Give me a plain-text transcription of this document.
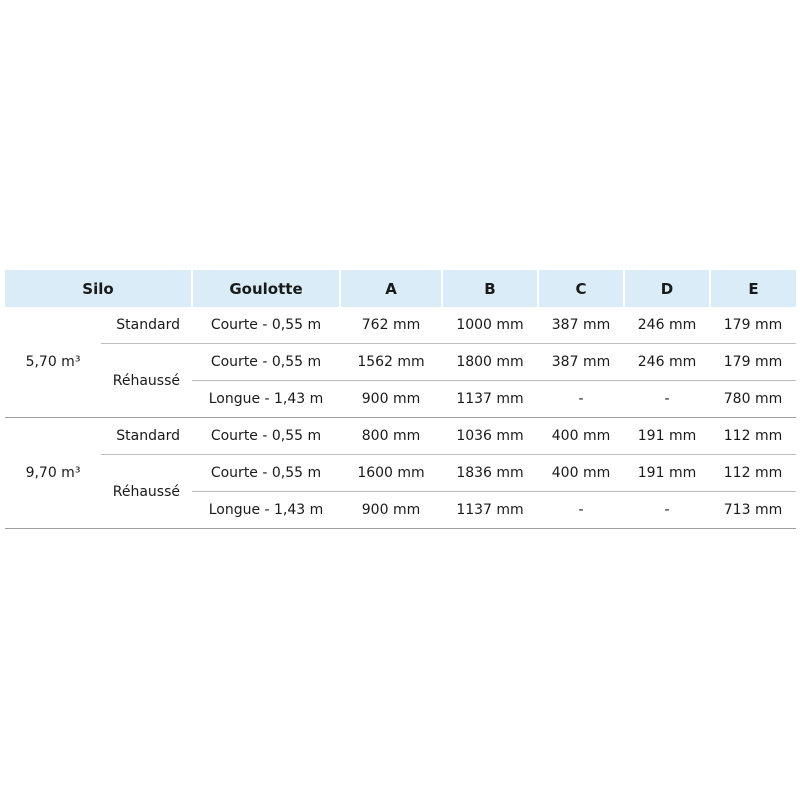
Silo		Goulotte	A	B	C	D	E
5,70 m³	Standard	Courte - 0,55 m	762 mm	1000 mm	387 mm	246 mm	179 mm
	Réhaussé	Courte - 0,55 m	1562 mm	1800 mm	387 mm	246 mm	179 mm
		Longue - 1,43 m	900 mm	1137 mm	-	-	780 mm
9,70 m³	Standard	Courte - 0,55 m	800 mm	1036 mm	400 mm	191 mm	112 mm
	Réhaussé	Courte - 0,55 m	1600 mm	1836 mm	400 mm	191 mm	112 mm
		Longue - 1,43 m	900 mm	1137 mm	-	-	713 mm
